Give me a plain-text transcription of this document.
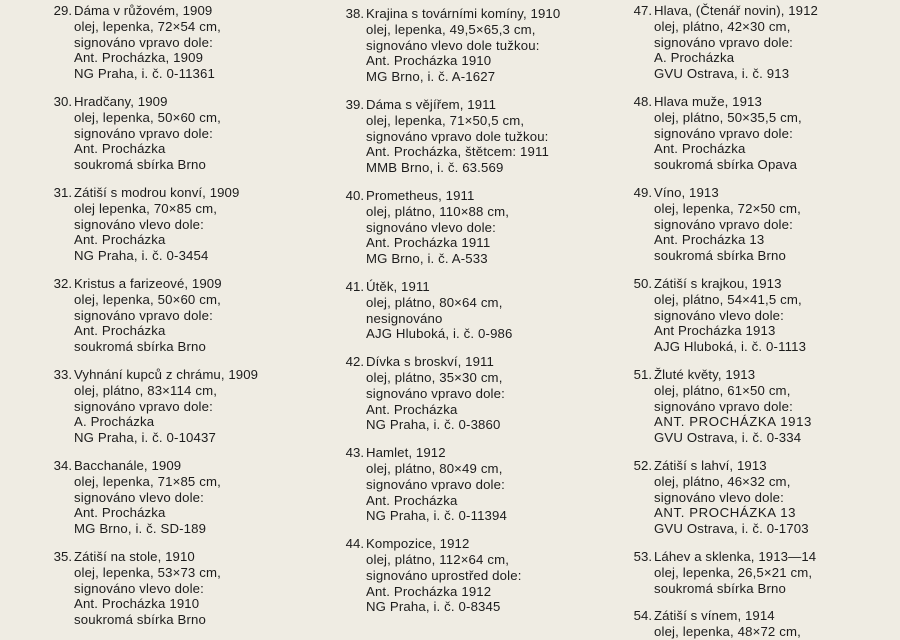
29. Dáma v růžovém, 1909
olej, lepenka, 72×54 cm,
signováno vpravo dole:
Ant. Procházka, 1909
NG Praha, i. č. 0-11361
30. Hradčany, 1909
olej, lepenka, 50×60 cm,
signováno vpravo dole:
Ant. Procházka
soukromá sbírka Brno
31. Zátiší s modrou konví, 1909
olej lepenka, 70×85 cm,
signováno vlevo dole:
Ant. Procházka
NG Praha, i. č. 0-3454
32. Kristus a farizeové, 1909
olej, lepenka, 50×60 cm,
signováno vpravo dole:
Ant. Procházka
soukromá sbírka Brno
33. Vyhnání kupců z chrámu, 1909
olej, plátno, 83×114 cm,
signováno vpravo dole:
A. Procházka
NG Praha, i. č. 0-10437
34. Bacchanále, 1909
olej, lepenka, 71×85 cm,
signováno vlevo dole:
Ant. Procházka
MG Brno, i. č. SD-189
35. Zátiší na stole, 1910
olej, lepenka, 53×73 cm,
signováno vlevo dole:
Ant. Procházka 1910
soukromá sbírka Brno
38. Krajina s továrními komíny, 1910
olej, lepenka, 49,5×65,3 cm,
signováno vlevo dole tužkou:
Ant. Procházka 1910
MG Brno, i. č. A-1627
39. Dáma s vějířem, 1911
olej, lepenka, 71×50,5 cm,
signováno vpravo dole tužkou:
Ant. Procházka, štětcem: 1911
MMB Brno, i. č. 63.569
40. Prometheus, 1911
olej, plátno, 110×88 cm,
signováno vlevo dole:
Ant. Procházka 1911
MG Brno, i. č. A-533
41. Útěk, 1911
olej, plátno, 80×64 cm,
nesignováno
AJG Hluboká, i. č. 0-986
42. Dívka s broskví, 1911
olej, plátno, 35×30 cm,
signováno vpravo dole:
Ant. Procházka
NG Praha, i. č. 0-3860
43. Hamlet, 1912
olej, plátno, 80×49 cm,
signováno vpravo dole:
Ant. Procházka
NG Praha, i. č. 0-11394
44. Kompozice, 1912
olej, plátno, 112×64 cm,
signováno uprostřed dole:
Ant. Procházka 1912
NG Praha, i. č. 0-8345
47. Hlava, (Čtenář novin), 1912
olej, plátno, 42×30 cm,
signováno vpravo dole:
A. Procházka
GVU Ostrava, i. č. 913
48. Hlava muže, 1913
olej, plátno, 50×35,5 cm,
signováno vpravo dole:
Ant. Procházka
soukromá sbírka Opava
49. Víno, 1913
olej, lepenka, 72×50 cm,
signováno vpravo dole:
Ant. Procházka 13
soukromá sbírka Brno
50. Zátiší s krajkou, 1913
olej, plátno, 54×41,5 cm,
signováno vlevo dole:
Ant Procházka 1913
AJG Hluboká, i. č. 0-1113
51. Žluté květy, 1913
olej, plátno, 61×50 cm,
signováno vpravo dole:
ANT. PROCHÁZKA 1913
GVU Ostrava, i. č. 0-334
52. Zátiší s lahví, 1913
olej, plátno, 46×32 cm,
signováno vlevo dole:
ANT. PROCHÁZKA 13
GVU Ostrava, i. č. 0-1703
53. Láhev a sklenka, 1913—14
olej, lepenka, 26,5×21 cm,
soukromá sbírka Brno
54. Zátiší s vínem, 1914
olej, lepenka, 48×72 cm,
